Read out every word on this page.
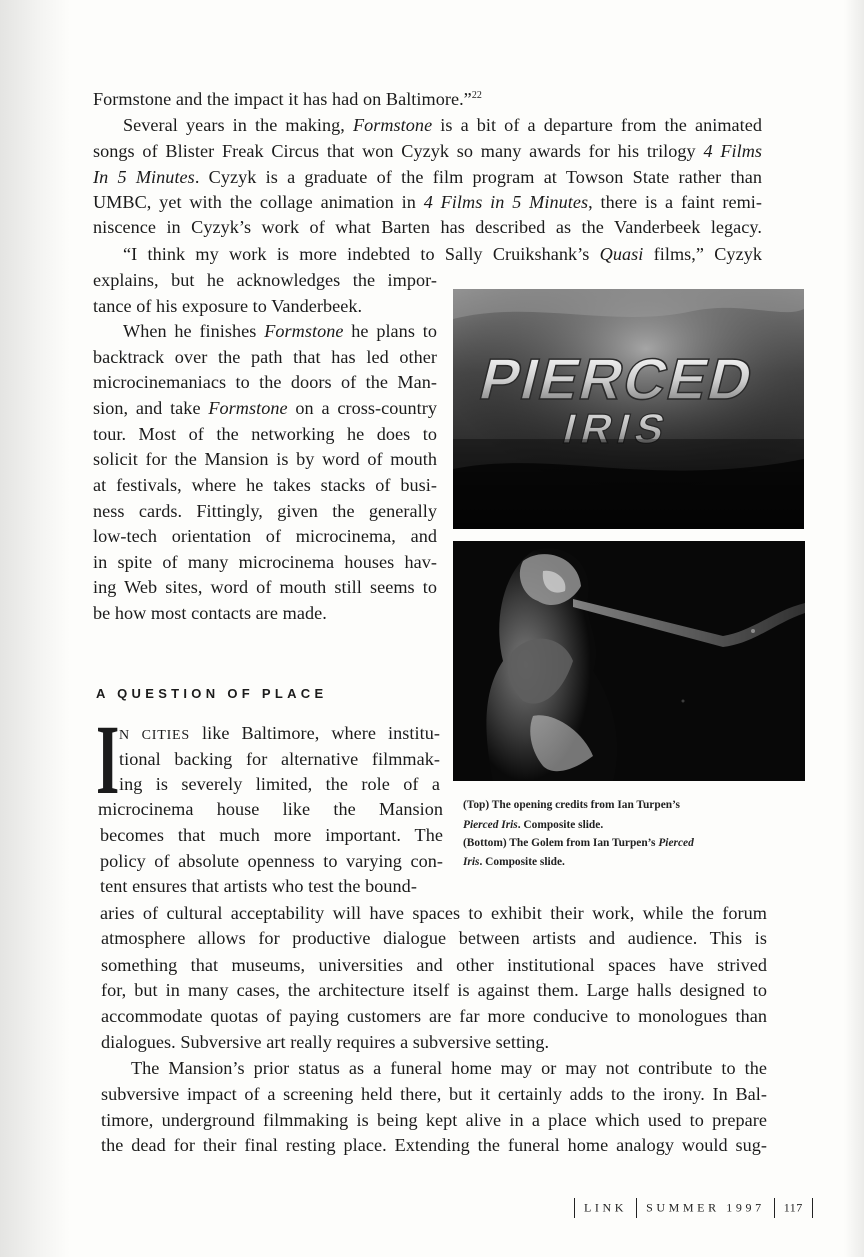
Formstone and the impact it has had on Baltimore.”$^{22}$
Several years in the making, Formstone is a bit of a departure from the animated
songs of Blister Freak Circus that won Cyzyk so many awards for his trilogy 4 Films
In 5 Minutes. Cyzyk is a graduate of the film program at Towson State rather than
UMBC, yet with the collage animation in 4 Films in 5 Minutes, there is a faint remi-
niscence in Cyzyk’s work of what Barten has described as the Vanderbeek legacy.
“I think my work is more indebted to Sally Cruikshank’s Quasi films,” Cyzyk
explains, but he acknowledges the impor-
tance of his exposure to Vanderbeek.
When he finishes Formstone he plans to
backtrack over the path that has led other
microcinemaniacs to the doors of the Man-
sion, and take Formstone on a cross-country
tour. Most of the networking he does to
solicit for the Mansion is by word of mouth
at festivals, where he takes stacks of busi-
ness cards. Fittingly, given the generally
low-tech orientation of microcinema, and
in spite of many microcinema houses hav-
ing Web sites, word of mouth still seems to
be how most contacts are made.
N CITIES like Baltimore, where institu-
tional backing for alternative filmmak-
ing is severely limited, the role of a
microcinema house like the Mansion
becomes that much more important. The
policy of absolute openness to varying con-
tent ensures that artists who test the bound-
aries of cultural acceptability will have spaces to exhibit their work, while the forum
atmosphere allows for productive dialogue between artists and audience. This is
something that museums, universities and other institutional spaces have strived
for, but in many cases, the architecture itself is against them. Large halls designed to
accommodate quotas of paying customers are far more conducive to monologues than
dialogues. Subversive art really requires a subversive setting.
The Mansion’s prior status as a funeral home may or may not contribute to the
subversive impact of a screening held there, but it certainly adds to the irony. In Bal-
timore, underground filmmaking is being kept alive in a place which used to prepare
the dead for their final resting place. Extending the funeral home analogy would sug-
A QUESTION OF PLACE
I
PIERCED
IRIS
(Top) The opening credits from Ian Turpen’s
Pierced Iris. Composite slide.
(Bottom) The Golem from Ian Turpen’s Pierced
Iris. Composite slide.
LINK SUMMER 1997 117
